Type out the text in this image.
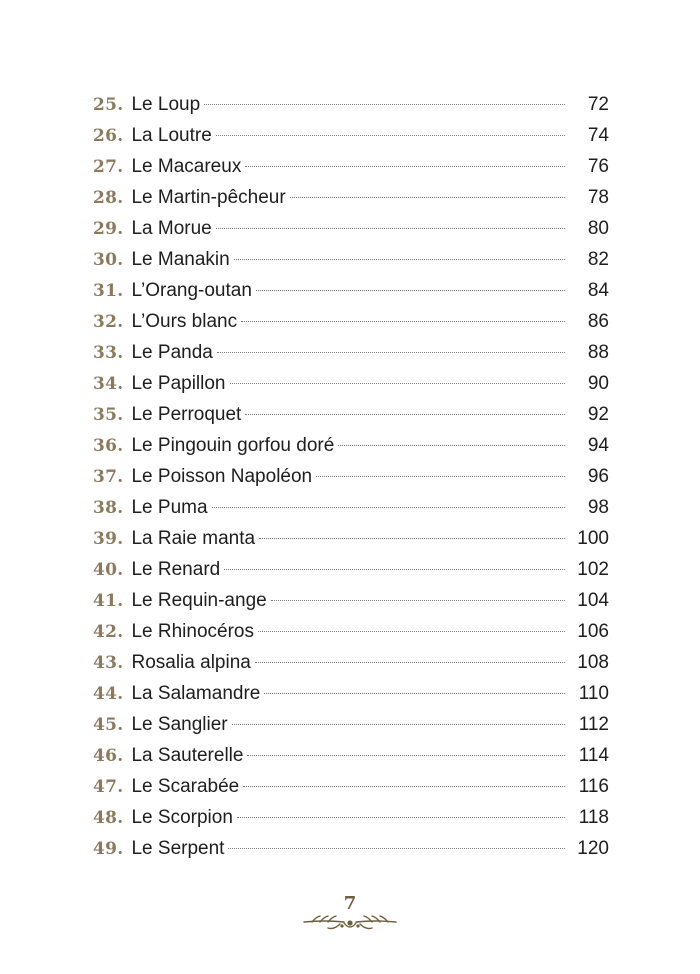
25. Le Loup	72
26. La Loutre	74
27. Le Macareux	76
28. Le Martin-pêcheur	78
29. La Morue	80
30. Le Manakin	82
31. L’Orang-outan	84
32. L’Ours blanc	86
33. Le Panda	88
34. Le Papillon	90
35. Le Perroquet	92
36. Le Pingouin gorfou doré	94
37. Le Poisson Napoléon	96
38. Le Puma	98
39. La Raie manta	100
40. Le Renard	102
41. Le Requin-ange	104
42. Le Rhinocéros	106
43. Rosalia alpina	108
44. La Salamandre	110
45. Le Sanglier	112
46. La Sauterelle	114
47. Le Scarabée	116
48. Le Scorpion	118
49. Le Serpent	120
7
